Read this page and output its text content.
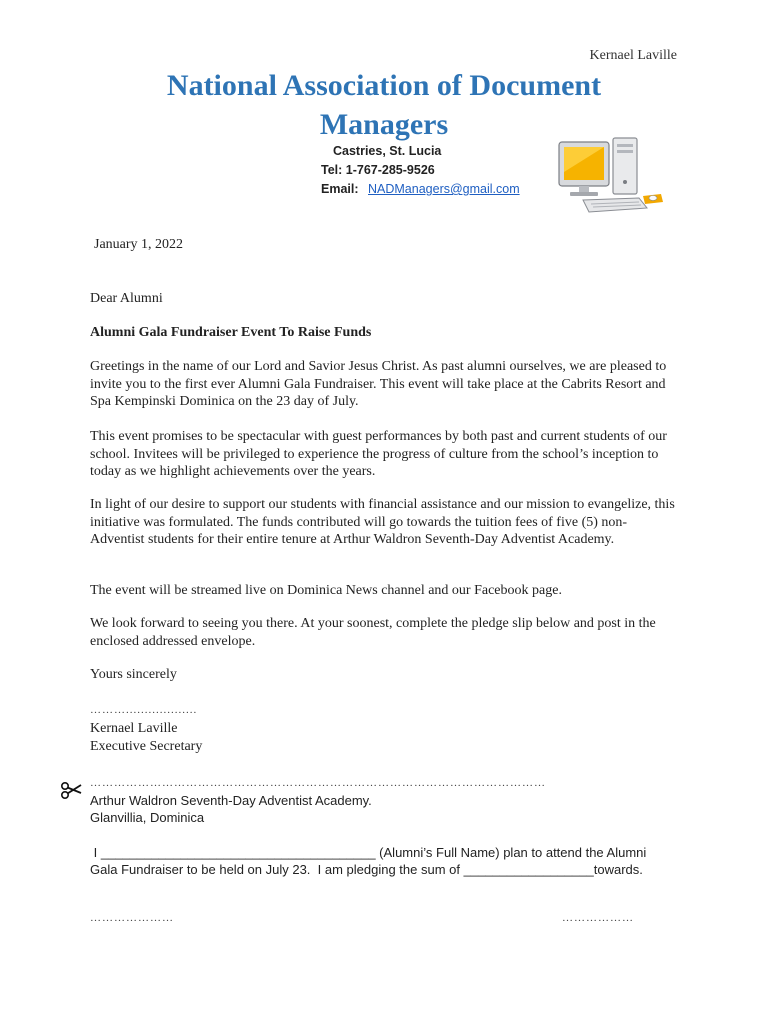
Kernael Laville
National Association of Document
Managers
Castries, St. Lucia
Tel: 1-767-285-9526
Email: NADManagers@gmail.com
January 1, 2022
Dear Alumni
Alumni Gala Fundraiser Event To Raise Funds
Greetings in the name of our Lord and Savior Jesus Christ. As past alumni ourselves, we are pleased to invite you to the first ever Alumni Gala Fundraiser. This event will take place at the Cabrits Resort and Spa Kempinski Dominica on the 23 day of July.
This event promises to be spectacular with guest performances by both past and current students of our school. Invitees will be privileged to experience the progress of culture from the school’s inception to today as we highlight achievements over the years.
In light of our desire to support our students with financial assistance and our mission to evangelize, this initiative was formulated. The funds contributed will go towards the tuition fees of five (5) non-Adventist students for their entire tenure at Arthur Waldron Seventh-Day Adventist Academy.
The event will be streamed live on Dominica News channel and our Facebook page.
We look forward to seeing you there. At your soonest, complete the pledge slip below and post in the enclosed addressed envelope.
Yours sincerely
………...................
Kernael Laville
Executive Secretary
……………………………………………………………………………………………………
Arthur Waldron Seventh-Day Adventist Academy.
Glanvillia, Dominica
I ______________________________________ (Alumni’s Full Name) plan to attend the Alumni
Gala Fundraiser to be held on July 23.  I am pledging the sum of __________________towards.
…………………	………………
